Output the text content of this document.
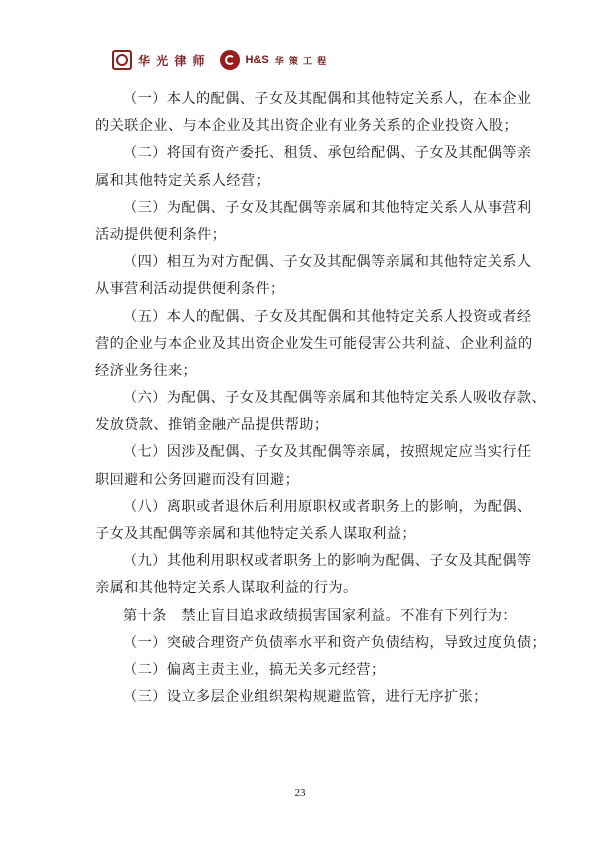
华 光 律 师	H&S 华 策 工 程
（一）本人的配偶、子女及其配偶和其他特定关系人，在本企业
的关联企业、与本企业及其出资企业有业务关系的企业投资入股；
（二）将国有资产委托、租赁、承包给配偶、子女及其配偶等亲
属和其他特定关系人经营；
（三）为配偶、子女及其配偶等亲属和其他特定关系人从事营利
活动提供便利条件；
（四）相互为对方配偶、子女及其配偶等亲属和其他特定关系人
从事营利活动提供便利条件；
（五）本人的配偶、子女及其配偶和其他特定关系人投资或者经
营的企业与本企业及其出资企业发生可能侵害公共利益、企业利益的
经济业务往来；
（六）为配偶、子女及其配偶等亲属和其他特定关系人吸收存款、
发放贷款、推销金融产品提供帮助；
（七）因涉及配偶、子女及其配偶等亲属，按照规定应当实行任
职回避和公务回避而没有回避；
（八）离职或者退休后利用原职权或者职务上的影响，为配偶、
子女及其配偶等亲属和其他特定关系人谋取利益；
（九）其他利用职权或者职务上的影响为配偶、子女及其配偶等
亲属和其他特定关系人谋取利益的行为。
第十条　禁止盲目追求政绩损害国家利益。不准有下列行为：
（一）突破合理资产负债率水平和资产负债结构，导致过度负债；
（二）偏离主责主业，搞无关多元经营；
（三）设立多层企业组织架构规避监管，进行无序扩张；
23
